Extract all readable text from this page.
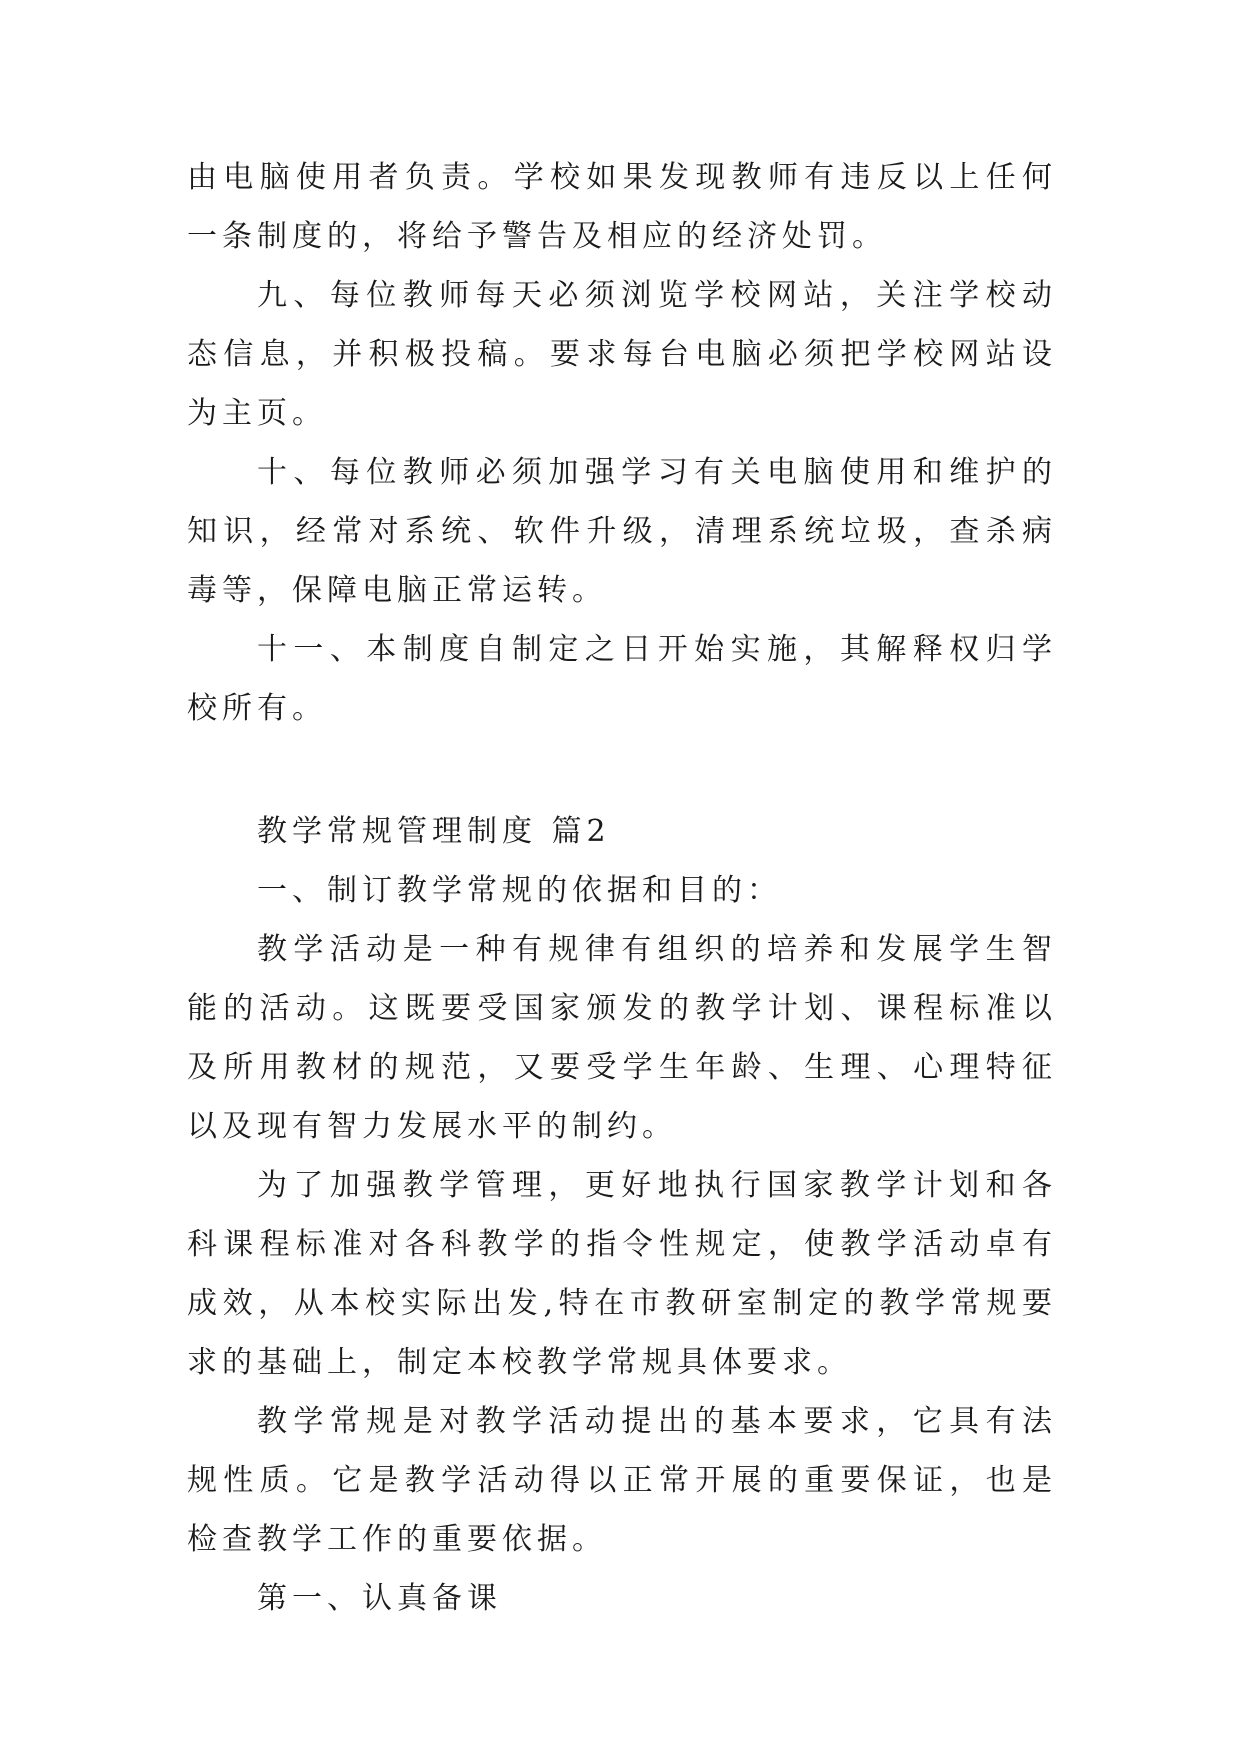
由电脑使用者负责。学校如果发现教师有违反以上任何一条制度的，将给予警告及相应的经济处罚。

九、每位教师每天必须浏览学校网站，关注学校动态信息，并积极投稿。要求每台电脑必须把学校网站设为主页。

十、每位教师必须加强学习有关电脑使用和维护的知识，经常对系统、软件升级，清理系统垃圾，查杀病毒等，保障电脑正常运转。

十一、本制度自制定之日开始实施，其解释权归学校所有。

教学常规管理制度 篇2

一、制订教学常规的依据和目的：

教学活动是一种有规律有组织的培养和发展学生智能的活动。这既要受国家颁发的教学计划、课程标准以及所用教材的规范，又要受学生年龄、生理、心理特征以及现有智力发展水平的制约。

为了加强教学管理，更好地执行国家教学计划和各科课程标准对各科教学的指令性规定，使教学活动卓有成效，从本校实际出发,特在市教研室制定的教学常规要求的基础上，制定本校教学常规具体要求。

教学常规是对教学活动提出的基本要求，它具有法规性质。它是教学活动得以正常开展的重要保证，也是检查教学工作的重要依据。

第一、认真备课
